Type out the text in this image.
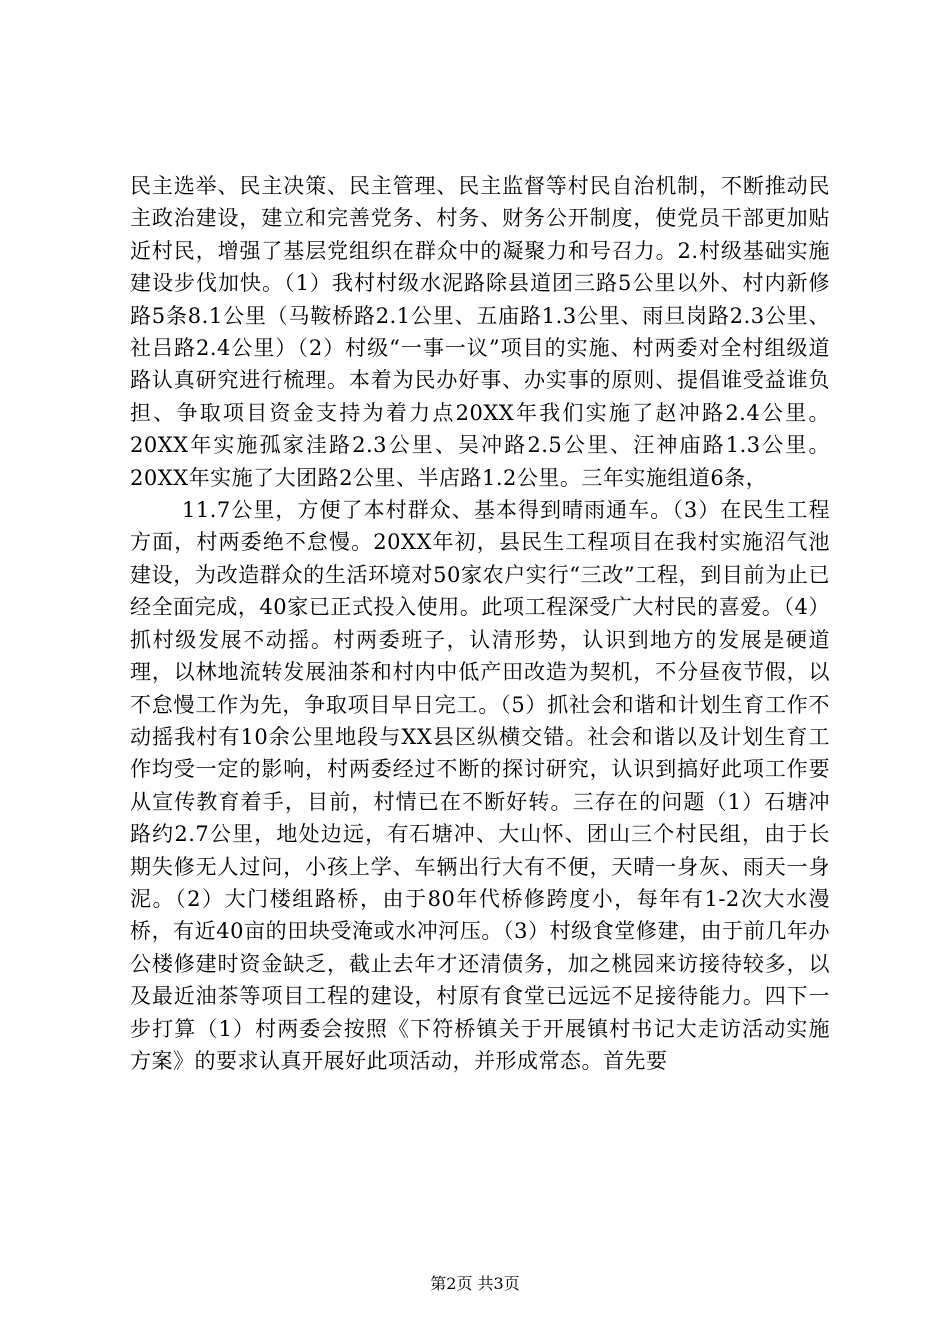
民主选举、民主决策、民主管理、民主监督等村民自治机制，不断推动民主政治建设，建立和完善党务、村务、财务公开制度，使党员干部更加贴近村民，增强了基层党组织在群众中的凝聚力和号召力。2.村级基础实施建设步伐加快。（1）我村村级水泥路除县道团三路5公里以外、村内新修路5条8.1公里（马鞍桥路2.1公里、五庙路1.3公里、雨旦岗路2.3公里、社吕路2.4公里）（2）村级“一事一议”项目的实施、村两委对全村组级道路认真研究进行梳理。本着为民办好事、办实事的原则、提倡谁受益谁负担、争取项目资金支持为着力点20XX年我们实施了赵冲路2.4公里。20XX年实施孤家洼路2.3公里、吴冲路2.5公里、汪神庙路1.3公里。20XX年实施了大团路2公里、半店路1.2公里。三年实施组道6条，

11.7公里，方便了本村群众、基本得到晴雨通车。（3）在民生工程方面，村两委绝不怠慢。20XX年初，县民生工程项目在我村实施沼气池建设，为改造群众的生活环境对50家农户实行“三改”工程，到目前为止已经全面完成，40家已正式投入使用。此项工程深受广大村民的喜爱。（4）抓村级发展不动摇。村两委班子，认清形势，认识到地方的发展是硬道理，以林地流转发展油茶和村内中低产田改造为契机，不分昼夜节假，以不怠慢工作为先，争取项目早日完工。（5）抓社会和谐和计划生育工作不动摇我村有10余公里地段与XX县区纵横交错。社会和谐以及计划生育工作均受一定的影响，村两委经过不断的探讨研究，认识到搞好此项工作要从宣传教育着手，目前，村情已在不断好转。三存在的问题（1）石塘冲路约2.7公里，地处边远，有石塘冲、大山怀、团山三个村民组，由于长期失修无人过问，小孩上学、车辆出行大有不便，天晴一身灰、雨天一身泥。（2）大门楼组路桥，由于80年代桥修跨度小，每年有1-2次大水漫桥，有近40亩的田块受淹或水冲河压。（3）村级食堂修建，由于前几年办公楼修建时资金缺乏，截止去年才还清债务，加之桃园来访接待较多，以及最近油茶等项目工程的建设，村原有食堂已远远不足接待能力。四下一步打算（1）村两委会按照《下符桥镇关于开展镇村书记大走访活动实施方案》的要求认真开展好此项活动，并形成常态。首先要

第2页 共3页
